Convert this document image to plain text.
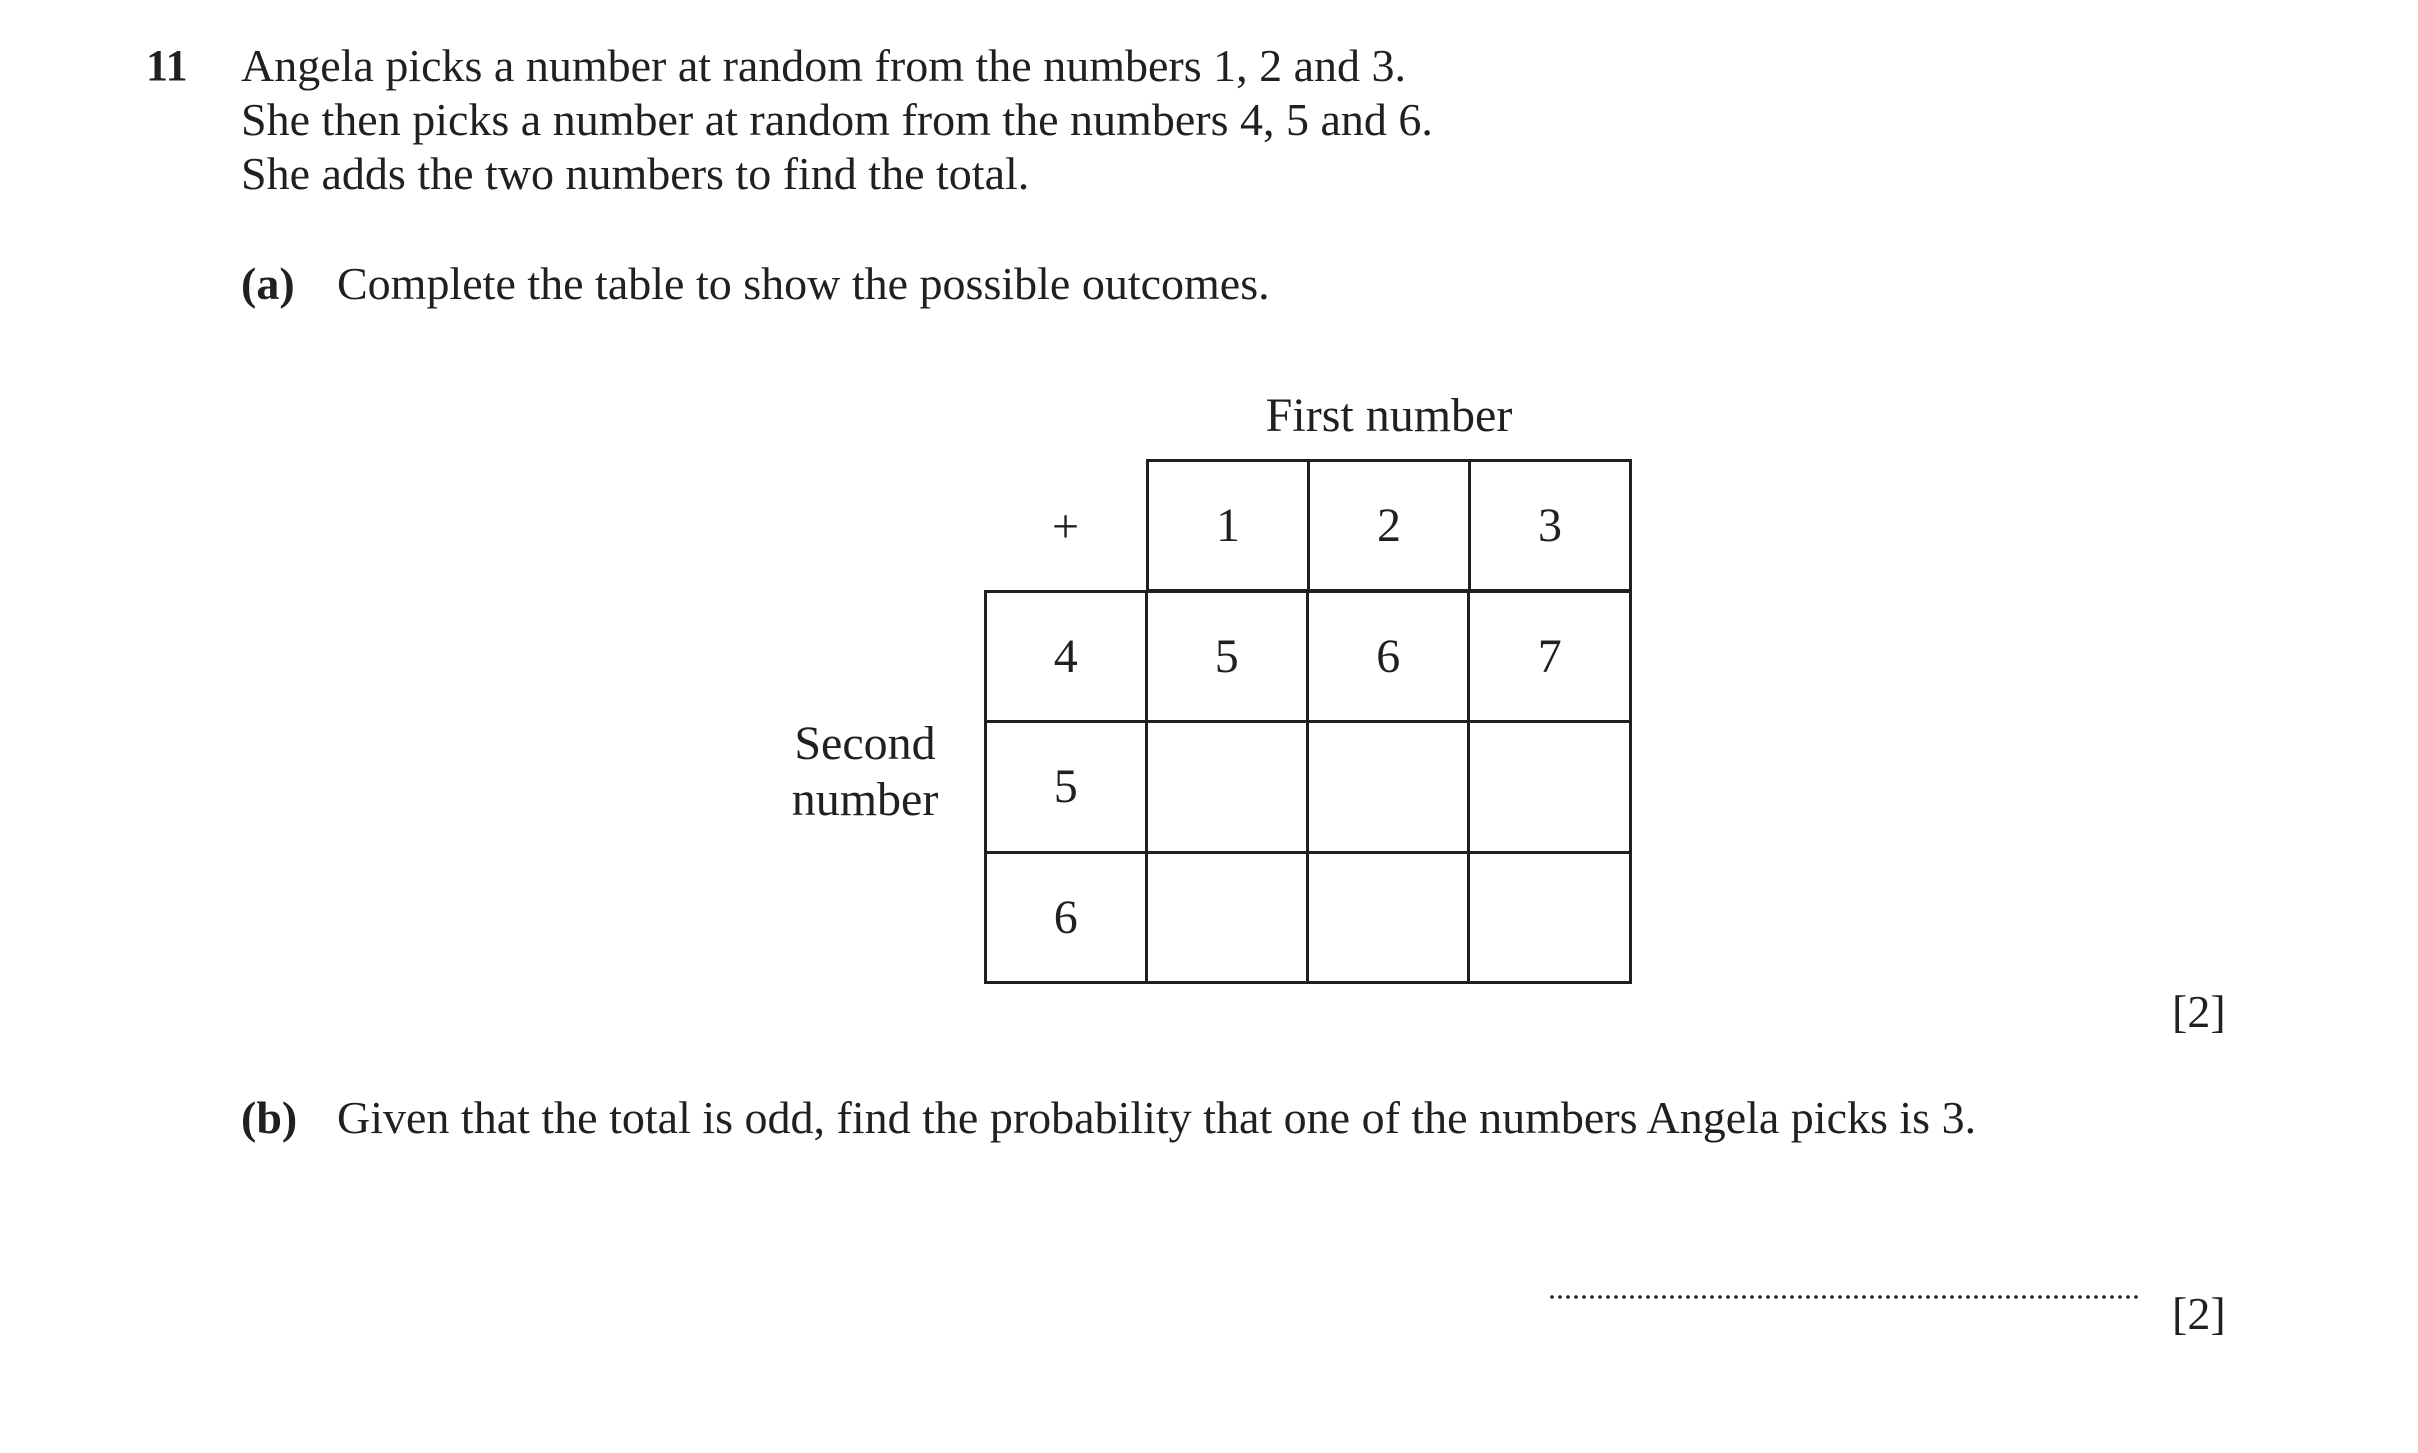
11 Angela picks a number at random from the numbers 1, 2 and 3.
She then picks a number at random from the numbers 4, 5 and 6.
She adds the two numbers to find the total.
(a) Complete the table to show the possible outcomes.
First number
Second number
+	1	2	3
4	5	6	7
5			
6			
[2]
(b) Given that the total is odd, find the probability that one of the numbers Angela picks is 3.
[2]
